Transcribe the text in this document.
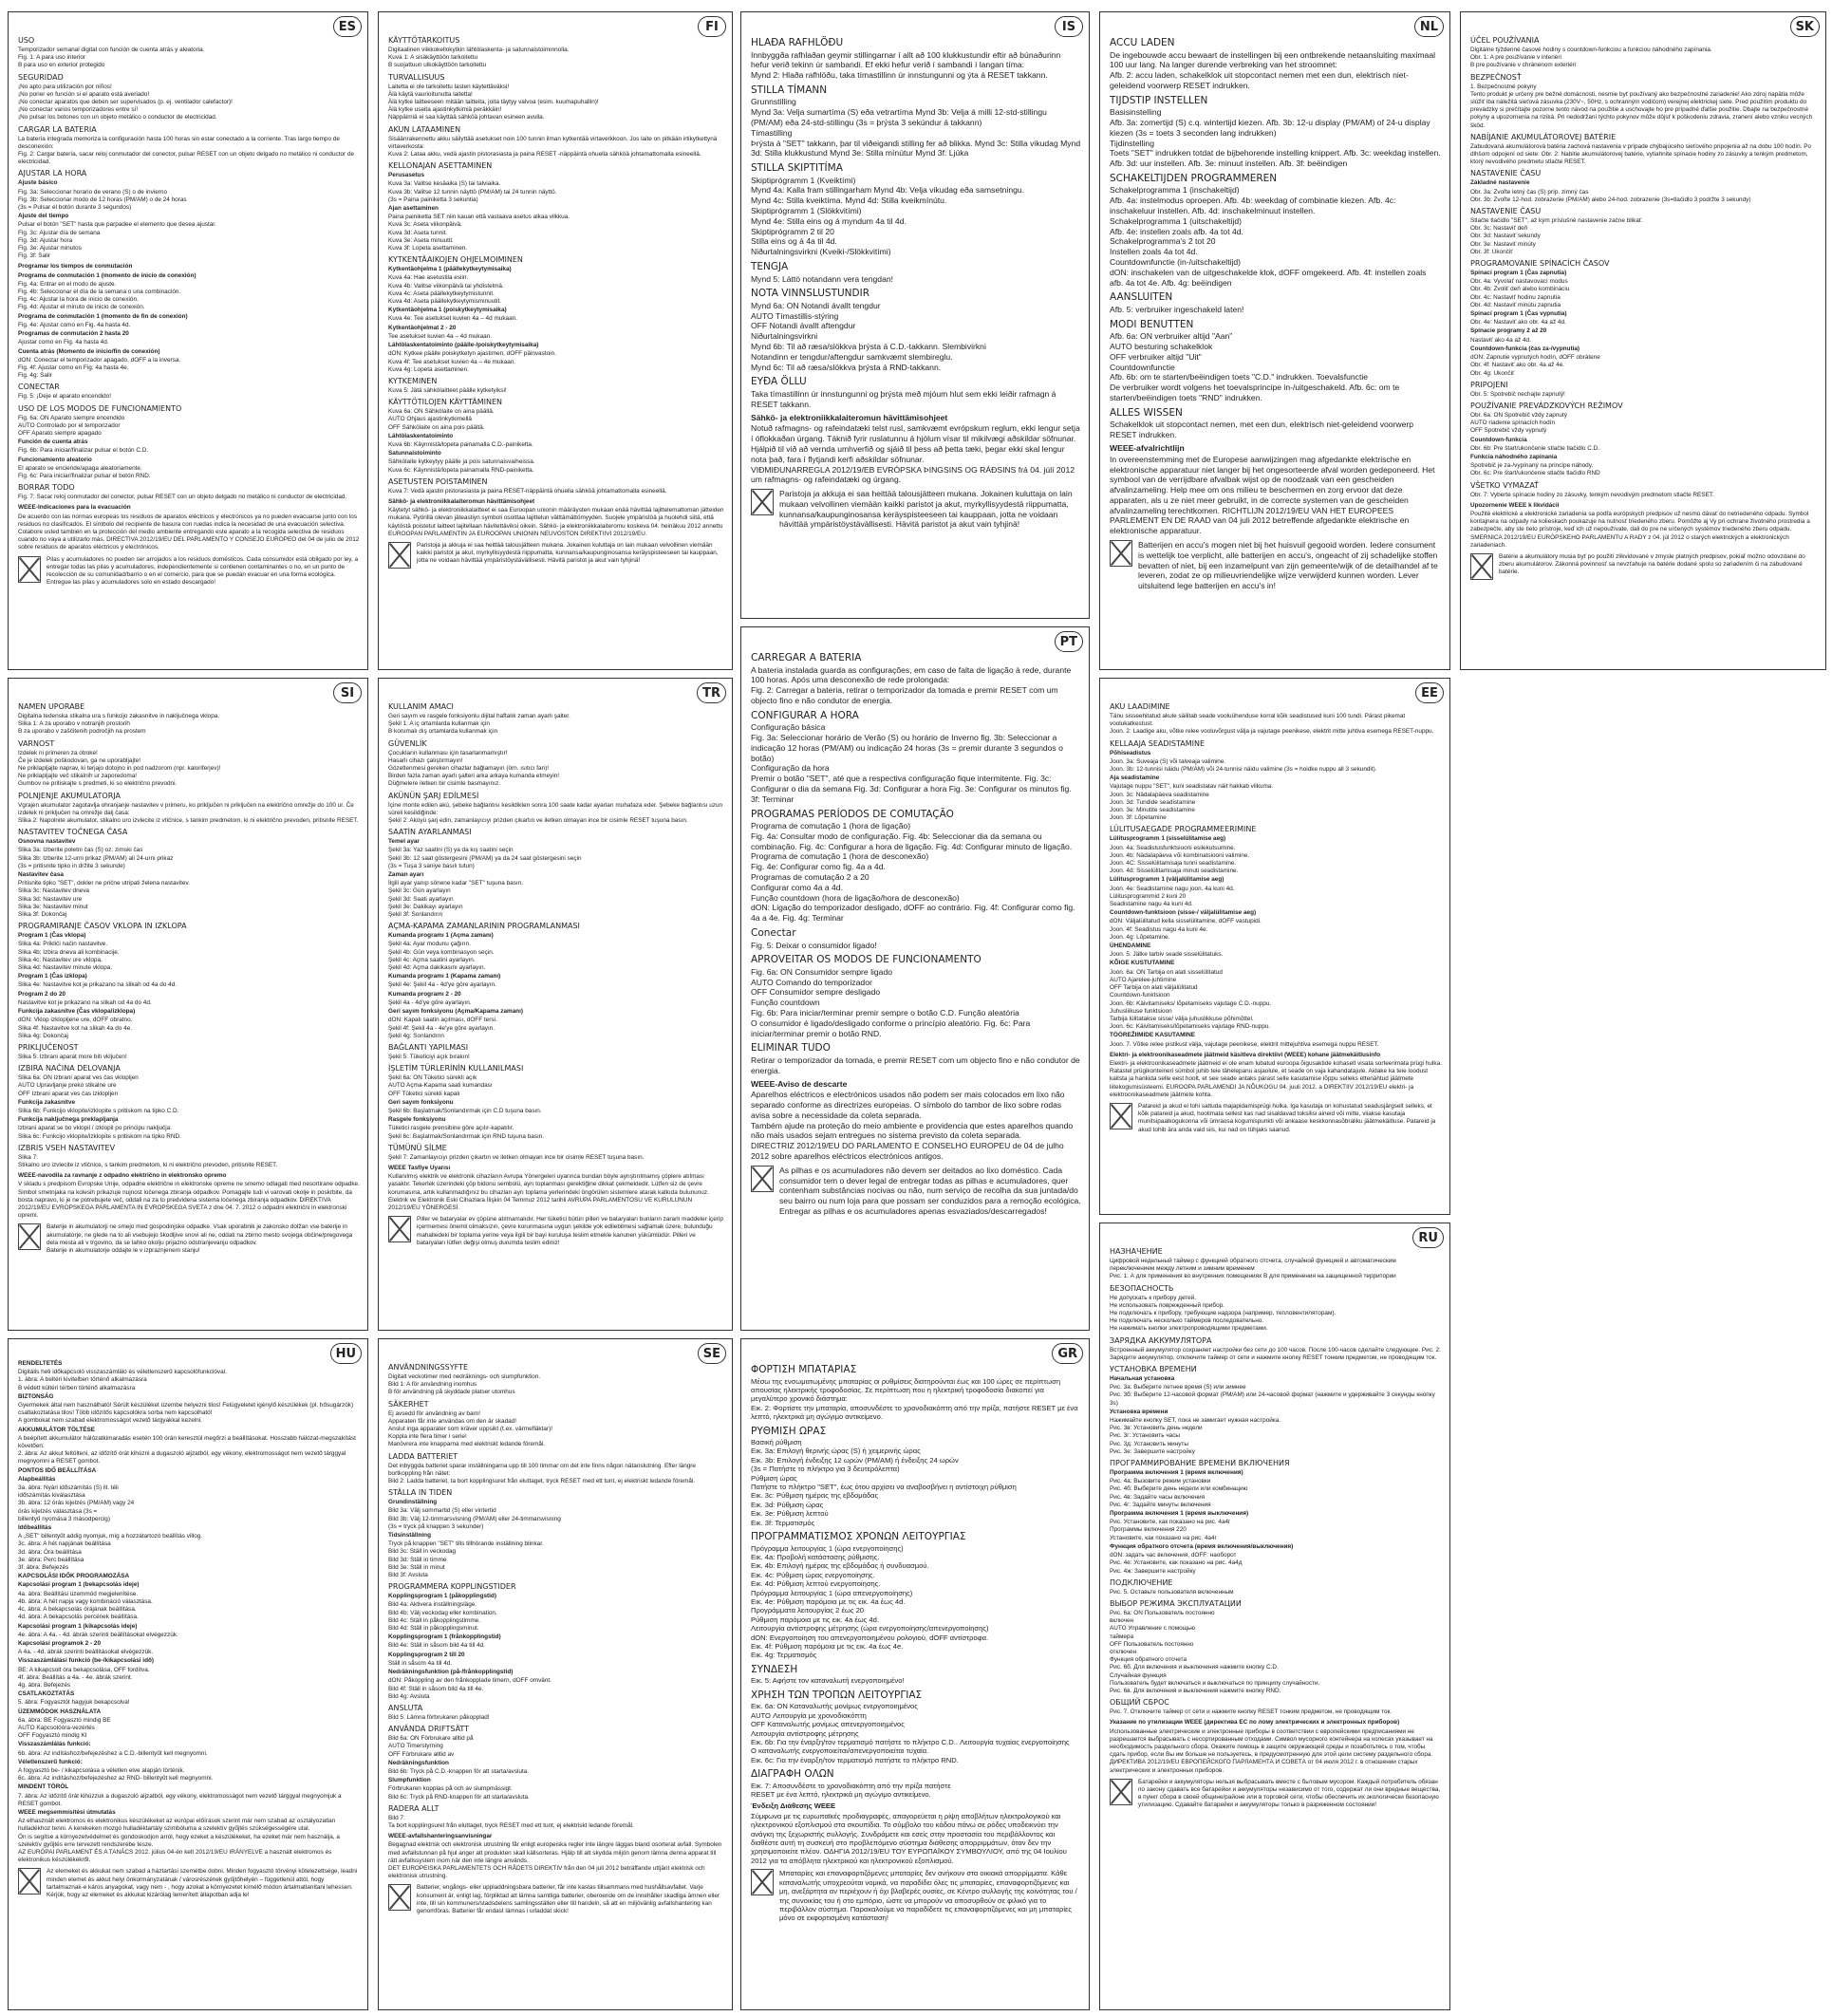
ES
USO

Temporizador semanal digital con función de cuenta atrás y aleatoria.
Fig. 1: A para uso interior
B para uso en exterior protegido

SEGURIDAD

¡No apto para utilización por niños!
¡No poner en función si el aparato está averiado!
¡No conectar aparatos que deben ser supervisados (p. ej. ventilador calefactor)!
¡No conectar varios temporizadores entre sí!
¡No pulsar los botones con un objeto metálico o conductor de electricidad.

CARGAR LA BATERIA

La batería integrada memoriza la configuración hasta 100 horas sin estar conectado a la corriente. Tras largo tiempo de desconexión:
Fig. 2: Cargar batería, sacar reloj conmutador del conector, pulsar RESET con un objeto delgado no metálico ni conductor de electricidad.

AJUSTAR LA HORA

Ajuste básico

Fig. 3a: Seleccionar horario de verano (S) o de invierno
Fig. 3b: Seleccionar modo de 12 horas (PM/AM) o de 24 horas
(3s = Pulsar el botón durante 3 segundos)

Ajuste del tiempo

Pulsar el botón "SET" hasta que parpadee el elemento que desea ajustar.
Fig. 3c: Ajustar día de semana
Fig. 3d: Ajustar hora
Fig. 3e: Ajustar minutos
Fig. 3f: Salir

Programar los tiempos de conmutación

Programa de conmutación 1 (momento de inicio de conexión)

Fig. 4a: Entrar en el modo de ajuste.
Fig. 4b: Seleccionar el día de la semana o una combinación.
Fig. 4c: Ajustar la hora de inicio de conexión.
Fig. 4d: Ajustar el minuto de inicio de conexión.

Programa de conmutación 1 (momento de fin de conexión)

Fig. 4e: Ajustar como en Fig. 4a hasta 4d.

Programas de conmutación 2 hasta 20

Ajustar como en Fig. 4a hasta 4d.

Cuenta atrás (Momento de inicio/fin de conexión)

dON: Conectar el temporizador apagado, dOFF a la inversa.
Fig. 4f: Ajustar como en Fig. 4a hasta 4e.
Fig. 4g: Salir

CONECTAR

Fig. 5: ¡Deje el aparato encendido!

USO DE LOS MODOS DE FUNCIONAMIENTO

Fig. 6a: ON Aparato siempre encendido
AUTO Controlado por el temporizador
OFF Aparato siempre apagado

Función de cuenta atrás

Fig. 6b: Para iniciar/finalizar pulsar el botón C.D.

Funcionamiento aleatorio

El aparato se enciende/apaga aleatoriamente.
Fig. 6c: Para iniciar/finalizar pulsar el botón RND.

BORRAR TODO

Fig. 7: Sacar reloj conmutador del conector, pulsar RESET con un objeto delgado no metálico ni conductor de electricidad.

WEEE-Indicaciones para la evacuación

De acuerdo con las normas europeas los residuos de aparatos eléctricos y electrónicos ya no pueden evacuarse junto con los residuos no clasificados. El símbolo del recipiente de basura con ruedas indica la necesidad de una evacuación selectiva. Colabore usted también en la protección del medio ambiente entregando este aparato a la recogida selectiva de residuos cuando no vaya a utilizarlo más. DIRECTIVA 2012/19/EU DEL PARLAMENTO Y CONSEJO EUROPEO del 04 de julio de 2012 sobre residuos de aparatos eléctricos y electrónicos.

Pilas y acumuladores no pueden ser arrojados a los residuos domésticos. Cada consumidor está obligado por ley, a entregar todas las pilas y acumuladores, independientemente si contienen contaminantes o no, en un punto de recolección de su comunidad/barrio o en el comercio, para que se puedan evacuar en una forma ecológica. Entregue las pilas y acumuladores solo en estado descargado!

FI
KÄYTTÖTARKOITUS

Digitaalinen viikkokellokytkin lähtölaskenta- ja satunnaistoiminnolla.
Kuva 1: A sisäkäyttöön tarkoitettu
B suojattuun ulkokäyttöön tarkoitettu

TURVALLISUUS

Laitetta ei ole tarkoitettu lasten käytettäväksi!
Älä käytä vaurioitunutta laitetta!
Älä kytke laitteeseen mitään laitteita, joita täytyy valvoa (esim. kuumapuhallin)!
Älä kytke useita ajastinkytkimiä peräkkäin!
Näppäimiä ei saa käyttää sähköä johtavan esineen avulla.

AKUN LATAAMINEN

Sisäänrakennettu akku säilyttää asetukset noin 100 tunnin ilman kytkentää virtaverkkoon. Jos laite on pitkään irtikytkettynä virtaverkosta:
Kuva 2: Lataa akku, vedä ajastin pistorasiasta ja paina RESET -näppäintä ohuella sähköä johtamattomalla esineellä.

KELLONAJAN ASETTAMINEN

Perusasetus

Kuva 3a: Valitse kesäaika (S) tai talviaika.
Kuva 3b: Valitse 12 tunnin näyttö (PM/AM) tai 24 tunnin näyttö.
(3s = Paina painiketta 3 sekuntia)

Ajan asettaminen

Paina painiketta SET niin kauan että vastaava asetus alkaa vilkkua.
Kuva 3c: Aseta viikonpäivä.
Kuva 3d: Aseta tunnit.
Kuva 3e: Aseta minuutit.
Kuva 3f: Lopeta asettaminen.

KYTKENTÄAIKOJEN OHJELMOIMINEN

Kytkentäohjelma 1 (päällekytkeytymisaika)

Kuva 4a: Hae asetustila esiin.
Kuva 4b: Valitse viikonpäivä tai yhdistelmä.
Kuva 4c: Aseta päällekytkeytymistunnit.
Kuva 4d: Aseta päällekytkeytymisminuutit.

Kytkentäohjelma 1 (poiskytkeytymisaika)

Kuva 4e: Tee asetukset kuvien 4a – 4d mukaan.

Kytkentäohjelmat 2 - 20

Tee asetukset kuvien 4a – 4d mukaan.

Lähtölaskentatoiminto (päälle-/poiskytkeytymisaika)

dON: Kytkee päälle poiskytketyn ajastimen, dOFF päinvastoin.
Kuva 4f: Tee asetukset kuvien 4a – 4e mukaan.
Kuva 4g: Lopeta asettaminen.

KYTKEMINEN

Kuva 5: Jätä sähkölaitteet päälle kytketyiksi!

KÄYTTÖTILOJEN KÄYTTÄMINEN

Kuva 6a: ON Sähkölaite on aina päällä.
AUTO Ohjaus ajastinkytkimellä
OFF Sähkölaite on aina pois päältä.

Lähtölaskentatoiminto

Kuva 6b: Käynnistä/lopeta painamalla C.D.-painiketta.

Satunnaistoiminto

Sähkölaite kytkeytyy päälle ja pois satunnaisvaiheissa.
Kuva 6c: Käynnistä/lopeta painamalla RND-painiketta.

ASETUSTEN POISTAMINEN

Kuva 7: Vedä ajastin pistorasiasta ja paina RESET-näppäintä ohuella sähköä johtamattomalla esineellä.

Sähkö- ja elektroniikkalaiteromun hävittämisohjeet

Käytetyt sähkö- ja elektroniikkalaitteet ei saa Euroopan unionin määräysten mukaan enää hävittää lajittelemattoman jätteiden mukana. Pyörillä olevan jäteastiyn symboli osoittaa lajittelun välttämättömyyden. Suojele ympäristöä ja huolehdi siitä, että käytöstä poistetut laitteet lajitellaan hävitettäviksi oikein. Sähkö- ja elektroniikkalaiteromu koskeva 04. heinäkuu 2012 annettu EUROOPAN PARLAMENTIN JA EUROOPAN UNIONIN NEUVOSTON DIREKTIIVI 2012/19/EU.

Paristoja ja akkuja ei saa heittää talousjätteen mukana. Jokainen kuluttaja on lain mukaan velvollinen viemään kaikki paristot ja akut, myrkyllisyydestä riippumatta, kunnansa/kaupunginosansa keräyspisteeseen tai kauppaan, jotta ne voidaan hävittää ympäristöystävällisesti. Hävitä paristot ja akut vain tyhjinä!

IS
HLAÐA RAFHLÖÐU

Innbyggða rafhlaðan geymir stillingarnar í allt að 100 klukkustundir eftir að búnaðurinn hefur verið tekinn úr sambandi. Ef ekki hefur verið í sambandi í langan tíma:
Mynd 2: Hlaða rafhlöðu, taka tímastillinn úr innstungunni og ýta á RESET takkann.

STILLA TÍMANN

Grunnstilling
Mynd 3a: Velja sumartíma (S) eða vetrartíma Mynd 3b: Velja á milli 12-std-stillingu (PM/AM) eða 24-std-stillingu (3s = þrýsta 3 sekúndur á takkann)
Tímastilling
Þrýsta á "SET" takkann, þar til viðeigandi stilling fer að blikka. Mynd 3c: Stilla vikudag Mynd 3d: Stilla klukkustund Mynd 3e: Stilla mínútur Mynd 3f: Ljúka

STILLA SKIPTITÍMA

Skiptiprógramm 1 (Kveiktími)
Mynd 4a: Kalla fram stillingarham Mynd 4b: Velja vikudag eða samsetningu.
Mynd 4c: Stilla kveiktíma. Mynd 4d: Stilla kveikmínútu.
Skiptiprógramm 1 (Slökkvitími)
Mynd 4e: Stilla eins og á myndum 4a til 4d.
Skiptiprógramm 2 til 20
Stilla eins og á 4a til 4d.
Niðurtalningsvirkni (Kveiki-/Slökkvitími)

TENGJA

Mynd 5: Láttö notandann vera tengdan!

NOTA VINNSLUSTUNDIR

Mynd 6a: ON Notandi ávallt tengdur
AUTO Tímastillis-stýring
OFF Notandi ávallt aftengdur
Niðurtalningsvirkni
Mynd 6b: Til að ræsa/slökkva þrýsta á C.D.-takkann. Slembivirkni
Notandinn er tengdur/aftengdur samkvæmt slembireglu.
Mynd 6c: Til að ræsa/slökkva þrýsta á RND-takkann.

EYÐA ÖLLU

Taka tímastillinn úr innstungunni og þrýsta með mjóum hlut sem ekki leiðir rafmagn á RESET takkann.

Sähkö- ja elektroniikkalaiteromun hävittämisohjeet

Notuð rafmagns- og rafeindatæki telst rusl, samkvæmt evrópskum reglum, ekki lengur setja í óflokkaðan úrgang. Táknið fyrir ruslatunnu á hjólum vísar til mikilvægi aðskildar söfnunar. Hjálpið til við að vernda umhverfið og sjáið til þess að þetta tæki, þegar ekki skal lengur nota það, fara í flytjandi kerfi aðskildar söfnunar.
VIÐMIÐUNARREGLA 2012/19/EB EVRÓPSKA ÞINGSINS OG RÁÐSINS frá 04. júlí 2012 um rafmagns- og rafeindatæki og úrgang.

Paristoja ja akkuja ei saa heittää talousjätteen mukana. Jokainen kuluttaja on lain mukaan velvollinen viemään kaikki paristot ja akut, myrkyllisyydestä riippumatta, kunnansa/kaupunginosansa keräyspisteeseen tai kauppaan, jotta ne voidaan hävittää ympäristöystävällisesti. Hävitä paristot ja akut vain tyhjinä!

NL
ACCU LADEN

De ingebouwde accu bewaart de instellingen bij een ontbrekende netaansluiting maximaal 100 uur lang. Na langer durende verbreking van het stroomnet:
Afb. 2: accu laden, schakelklok uit stopcontact nemen met een dun, elektrisch niet-geleidend voorwerp RESET indrukken.

TIJDSTIP INSTELLEN

Basisinstelling
Afb. 3a: zomertijd (S) c.q. wintertijd kiezen. Afb. 3b: 12-u display (PM/AM) of 24-u display kiezen (3s = toets 3 seconden lang indrukken)
Tijdinstelling
Toets "SET" indrukken totdat de bijbehorende instelling knippert. Afb. 3c: weekdag instellen. Afb. 3d: uur instellen. Afb. 3e: minuut instellen. Afb. 3f: beëindigen

SCHAKELTIJDEN PROGRAMMEREN

Schakelprogramma 1 (inschakeltijd)
Afb. 4a: instelmodus oproepen. Afb. 4b: weekdag of combinatie kiezen. Afb. 4c: inschakeluur instellen. Afb. 4d: inschakelminuut instellen.
Schakelprogramma 1 (uitschakeltijd)
Afb. 4e: instellen zoals afb. 4a tot 4d.
Schakelprogramma's 2 tot 20
Instellen zoals 4a tot 4d.
Countdownfunctie (in-/uitschakeltijd)
dON: inschakelen van de uitgeschakelde klok, dOFF omgekeerd. Afb. 4f: instellen zoals afb. 4a tot 4e. Afb. 4g: beëindigen

AANSLUITEN

Afb. 5: verbruiker ingeschakeld laten!

MODI BENUTTEN

Afb. 6a: ON verbruiker altijd "Aan"
AUTO besturing schakelklok
OFF verbruiker altijd "Uit"
Countdownfunctie
Afb. 6b: om te starten/beëindigen toets "C.D." indrukken. Toevalsfunctie
De verbruiker wordt volgens het toevalsprincipe in-/uitgeschakeld. Afb. 6c: om te starten/beëindigen toets "RND" indrukken.

ALLES WISSEN

Schakelklok uit stopcontact nemen, met een dun, elektrisch niet-geleidend voorwerp RESET indrukken.

WEEE-afvalrichtlijn

In overeenstemming met de Europese aanwijzingen mag afgedankte elektrische en elektronische apparatuur niet langer bij het ongesorteerde afval worden gedeponeerd. Het symbool van de verrijdbare afvalbak wijst op de noodzaak van een gescheiden afvalinzameling. Help mee om ons milieu te beschermen en zorg ervoor dat deze apparaten, als u ze niet meer gebruikt, in de correcte systemen van de gescheiden afvalinzameling terechtkomen. RICHTLIJN 2012/19/EU VAN HET EUROPEES PARLEMENT EN DE RAAD van 04 juli 2012 betreffende afgedankte elektrische en elektronische apparatuur.

Batterijen en accu's mogen niet bij het huisvuil gegooid worden. Iedere consument is wettelijk toe verplicht, alle batterijen en accu's, ongeacht of zij schadelijke stoffen bevatten of niet, bij een inzamelpunt van zijn gemeente/wijk of de detailhandel af te leveren, zodat ze op milieuvriendelijke wijze verwijderd kunnen worden. Lever uitsluitend lege batterijen en accu's in!

SK
ÚČEL POUŽÍVANIA

Digitálne týždenné časové hodiny s countdown-funkciou a funkciou náhodného zapínania.
Obr. 1: A pre používanie v interiéri
B pre používanie v chránenom exteriéri

BEZPEČNOSŤ

1. Bezpečnostné pokyny
Tento produkt je určený pre bežné domácnosti, nesmie byť používaný ako bezpečnostné zariadenie! Ako zdroj napätia môže slúžiť iba náležitá sieťová zásuvka (230V~, 50Hz, s ochranným vodičom) verejnej elektrickej siete. Pred použitím produktu do prevádzky si prečítajte pozorne tento návod na použitie a uschovajte ho pre prípadné ďalšie použitie. Dbajte na bezpečnostné pokyny a upozornenia na riziká. Pri nedodržaní týchto pokynov môže dôjsť k poškodeniu zdravia, zranení alebo vzniku vecných škôd.

NABÍJANIE AKUMULÁTOROVEJ BATÉRIE

Zabudovaná akumulátorová batéria zachová nastavenia v prípade chýbajúceho sieťového pripojenia až na dobu 100 hodín. Po dlhšom odpojení od siete: Obr. 2: Nabitie akumulátorovej batérie, vytiahnite spínacie hodiny zo zásuvky a tenkým predmetom, ktorý nevodivého predmetu stlačte RESET.

NASTAVENIE ČASU

Základné nastavenie

Obr. 3a: Zvoľte letný čas (S) príp. zimný čas
Obr. 3b: Zvoľte 12-hod. zobrazenie (PM/AM) alebo 24-hod. zobrazenie (3s=tlačidlo 3 podržte 3 sekundy)

NASTAVENIE ČASU

Stlačte tlačidlo "SET", až kým príslušné nastavenie začne blikať.
Obr. 3c: Nastaviť deň
Obr. 3d: Nastaviť sekundy
Obr. 3e: Nastaviť minúty
Obr. 3f: Ukončiť

PROGRAMOVANIE SPÍNACÍCH ČASOV

Spínací program 1 (Čas zapnutia)

Obr. 4a: Vyvolať nastavovací modus
Obr. 4b: Zvoliť deň alebo kombináciu
Obr. 4c: Nastaviť hodinu zapnutia
Obr. 4d: Nastaviť minútu zapnutia

Spínací program 1 (Čas vypnutia)

Obr. 4e: Nastaviť ako obr. 4a až 4d.

Spínacie programy 2 až 20

Nastaviť ako 4a až 4d.

Countdown-funkcia (čas za-/vypnutia)

dON: Zapnutie vypnutých hodín, dOFF obrátene
Obr. 4f: Nastaviť ako obr. 4a až 4e.
Obr. 4g: Ukončiť

PRIPOJENI

Obr. 5: Spotrebič nechajte zapnutý!

POUŽÍVANIE PREVÁDZKOVÝCH REŽIMOV

Obr. 6a: ON Spotrebič vždy zapnutý
AUTO riadenie spínacích hodín
OFF Spotrebič vždy vypnutý

Countdown-funkcia

Obr. 6b: Pre štart/ukončenie stlačte tlačidlo C.D.

Funkcia náhodného zapínania

Spotrebič je za-/vypínaný na princípe náhody.
Obr. 6c: Pre štart/ukončenie stlačte tlačidlo RND

VŠETKO VYMAZAŤ

Obr. 7: Vyberte spínacie hodiny zo zásuvky, tenkým nevodivým predmetom stlačte RESET.

Upozornenie WEEE k likvidácii

Použité elektrické a elektronické zariadenia sa podľa európskych predpisov už nesmú dávať do netriedeného odpadu. Symbol kontajnera na odpady na kolieskach poukazuje na nutnosť triedeného zberu. Pomôžte aj Vy pri ochrane životného prostredia a zabezpečte, aby ste tieto prístroje, keď ich už nepoužívate, dali do pre ne určených systémov triedeného zberu odpadu. SMERNICA 2012/19/EU EURÓPSKEHO PARLAMENTU A RADY z 04. júl 2012 o starých elektrických a elektronických zariadeniach.

Batérie a akumulátory musia byť po použití zlikvidované v zmysle platných predpisov, pokiaľ možno odovzdané do zberu akumulátorov. Zákonná povinnosť sa nevzťahuje na batérie dodané spolu so zariadením či na zabudované batérie.

SI
NAMEN UPORABE

Digitalna tedenska stikalna ura s funkcijo zakasnitve in naključnega vklopa.
Slika 1: A za uporabo v notranjih prostorih
B za uporabo v zaščitenih področjih na prostem

VARNOST

Izdelek ni primeren za otroke!
Če je izdelek poškodovan, ga ne uporabljajte!
Ne priklapljajte naprav, ki terjajo dotojno in pod nadzorom (npr. kaloriferjev)!
Ne priklapljajte več stikalnih ur zaporedoma!
Gumbov ne pritiskajte s predmeti, ki so električno prevodni.

POLNJENJE AKUMULATORJA

Vgrajen akumulator zagotavlja ohranjanje nastavitev v primeru, ko priključen ni priključen na električno omrežje do 100 ur. Če izdelek ni priključen na omrežje dalj časa:
Slika 2: Napolnite akumulator, stikalno uro izvlecite iz vtičnice, s tankim predmetom, ki ni električno prevoden, pritisnite RESET.

NASTAVITEV TOČNEGA ČASA

Osnovna nastavitev

Slika 3a: Izberite poletni čas (S) oz. zimski čas
Slika 3b: Izberite 12-urni prikaz (PM/AM) ali 24-urni prikaz
(3s = pritisnite tipko in držite 3 sekunde)

Nastavitev časa

Pritisnite tipko "SET", dokler ne prične utripati želena nastavitev.
Slika 3c: Nastavitev dneva
Slika 3d: Nastavitev ure
Slika 3e: Nastavitev minut
Slika 3f: Dokončaj

PROGRAMIRANJE ČASOV VKLOPA IN IZKLOPA

Program 1 (Čas vklopa)

Slika 4a: Prikliči način nastavitve.
Slika 4b: Izbira dneva ali kombinacije.
Slika 4c: Nastavitev ure vklopa.
Slika 4d: Nastavitev minute vklopa.

Program 1 (Čas izklopa)

Slika 4e: Nastavitve kot je prikazano na slikah od 4a do 4d.

Program 2 do 20

Nastavitve kot je prikazano na slikah od 4a do 4d.

Funkcija zakasnitve (Čas vklopa/izklopa)

dON: Vklop izklopljene ure, dOFF obratno.
Slika 4f: Nastavitve kot na slikah 4a do 4e.
Slika 4g: Dokončaj

PRIKLJUČENOST

Slika 5: Izbrani aparat more biti vključen!

IZBIRA NAČINA DELOVANJA

Slika 6a: ON Izbrani aparat ves čas vklopljen
AUTO Upravljanje preko stikalne ure
OFF Izbrani aparat ves čas izklopljen

Funkcija zakasnitve

Slika 6b: Funkcijo vklopite/izklopite s pritiskom na tipko C.D.

Funkcija naključnega preklapljanja

Izbrani aparat se bo vklopil / izklopil po principu naključja.
Slika 6c: Funkcijo vklopite/izklopite s pritiskom na tipko RND.

IZBRIS VSEH NASTAVITEV

Slika 7:
Stikalno uro izvlecite iz vtičnice, s tankim predmetom, ki ni električno prevoden, pritisnite RESET.

WEEE-navodila za ravnanje z odpadno električno in elektronsko opremo

V skladu s predpisom Evropske Unije, odpadne električne in elektronske opreme ne smemo odlagati med nesortirane odpadke. Simbol smetnjaka na kolesih prikazuje nujnost ločenega zbiranja odpadkov. Pomagajte tudi vi varovati okolje in poskrbite, da bosta napravo, ki je ne potrebujete več, oddali na za to predvidena sistema ločenega zbiranja odpadkov. DIREKTIVA 2012/19/EU EVROPSKEGA PARLAMENTA IN EVROPSKEGA SVETA z dne 04. 7. 2012 o odpadni električni in elektronski opremi.

Baterije in akumulatorji ne smejo med gospodinjske odpadke. Vsak uporabnik je zakonsko dolžan vse baterije in akumulatorje, ne glede na to ali vsebujejo škodljive snovi ali ne, oddati na zbirno mesto svojega občine/pregovega dela mesta ali v trgovino, da se lahko okolju prijazno odstranjevanju odpadkov.
Baterije in akumulatorje oddajte le v izpraznjenem stanju!

TR
KULLANIM AMACI

Geri sayım ve rasgele fonksiyonlu dijital haftalık zaman ayarlı şalter.
Şekil 1: A iç ortamlarda kullanmak için
B korumalı dış ortamlarda kullanmak için

GÜVENLİK

Çocukların kullanması için tasarlanmamıştır!
Hasarlı cihazı çalıştırmayın!
Gözetlenmesi gereken cihazlar bağlamayın (örn. ısıtıcı fan)!
Birden fazla zaman ayarlı şalteri arka arkaya kumanda etmeyin!
Düğmelere iletken bir cisimle basmayınız.

AKÜNÜN ŞARJ EDİLMESİ

İçine monte edilen akü, şebeke bağlantısı kesildikten sonra 100 saate kadar ayarları muhafaza eder. Şebeke bağlantısı uzun süreli kesildiğinde:
Şekil 2: Aküyü şarj edin, zamanlayıcıyı prizden çıkartın ve iletken olmayan ince bir cisimle RESET tuşuna basın.

SAATİN AYARLANMASI

Temel ayar

Şekil 3a: Yaz saatini (S) ya da kış saatini seçin
Şekil 3b: 12 saat göstergesini (PM/AM) ya da 24 saat göstergesini seçin
(3s = Tuşa 3 saniye basılı tutun)

Zaman ayarı

İlgili ayar yanıp sönene kadar "SET" tuşuna basın.
Şekil 3c: Gün ayarlayın
Şekil 3d: Saati ayarlayın
Şekil 3e: Dakikayı ayarlayın
Şekil 3f: Sonlandırın

AÇMA-KAPAMA ZAMANLARININ PROGRAMLANMASI

Kumanda programı 1 (Açma zamanı)

Şekil 4a: Ayar modunu çağırın.
Şekil 4b: Gün veya kombinasyon seçin.
Şekil 4c: Açma saatini ayarlayın.
Şekil 4d: Açma dakikasını ayarlayın.

Kumanda programı 1 (Kapama zamanı)

Şekil 4e: Şekil 4a - 4d'ye göre ayarlayın.

Kumanda programı 2 - 20

Şekil 4a - 4d'ye göre ayarlayın.

Geri sayım fonksiyonu (Açma/Kapama zamanı)

dON: Kapalı saatin açılması, dOFF tersi.
Şekil 4f: Şekil 4a - 4e'ye göre ayarlayın.
Şekil 4g: Sonlandırın

BAĞLANTI YAPILMASI

Şekil 5: Tüketiciyi açık bırakın!

İŞLETİM TÜRLERİNİN KULLANILMASI

Şekil 6a: ON Tüketici sürekli açık
AUTO Açma-Kapama saati kumandası
OFF Tüketici sürekli kapalı

Geri sayım fonksiyonu

Şekil 6b: Başlatmak/Sonlandırmak için C.D tuşuna basın.

Rasgele fonksiyonu

Tüketici rasgele prensibine göre açılır-kapatılır.
Şekil 6c: Başlatmak/Sonlandırmak için RND tuşuna basın.

TÜMÜNÜ SİLME

Şekil 7: Zamanlayıcıyı prizden çıkartın ve iletken olmayan ince bir cisimle RESET tuşuna basın.

WEEE Tasfiye Uyarısı

Kullanılmış elektrik ve elektronik cihazların Avrupa Yönergeleri uyarınca bundan böyle ayrıştırılmamış çöplere atılması yasaktır. Tekerlek üzerindeki çöp bidonu sembolü, ayrı toplanması gerektiğine dikkat çekmektedir. Lütfen siz de çevre korumasına, artık kullanmadığınız bu cihazları ayrı toplama yerlerindeki öngörülen sistemlere atarak katkıda bulununuz.
Elektrik ve Elektronik Eski Cihazlara İlişkin 04 Temmuz 2012 tarihli AVRUPA PARLAMENTOSU VE KURULUNUN 2012/19/EU YÖNERGESİ.

Piller ve bataryalar ev çöpüne atılmamalıdır. Her tüketici bütün pilleri ve bataryaları bunların zararlı maddeler içerip içermemesi önemli olmaksızın, çevre korunmasına uygun şekilde yok edilebilmesi sağlamak üzere, bulunduğu mahalledeki bir toplama yerine veya ilgili bir bayi kuruluşa teslim etmekle kanunen yükümlüdür. Pilleri ve bataryaları lütfen değişi olmuş durumda teslim ediniz!

PT
CARREGAR A BATERIA

A bateria instalada guarda as configurações, em caso de falta de ligação à rede, durante 100 horas. Após uma desconexão de rede prolongada:
Fig. 2: Carregar a bateria, retirar o temporizador da tomada e premir RESET com um objecto fino e não condutor de energia.

CONFIGURAR A HORA

Configuração básica
Fig. 3a: Seleccionar horário de Verão (S) ou horário de Inverno fig. 3b: Seleccionar a indicação 12 horas (PM/AM) ou indicação 24 horas (3s = premir durante 3 segundos o botão)
Configuração da hora
Premir o botão "SET", até que a respectiva configuração fique intermitente. Fig. 3c: Configurar o dia da semana Fig. 3d: Configurar a hora Fig. 3e: Configurar os minutos fig. 3f: Terminar

PROGRAMAS PERÍODOS DE COMUTAÇÃO

Programa de comutação 1 (hora de ligação)
Fig. 4a: Consultar modo de configuração. Fig. 4b: Seleccionar dia da semana ou combinação. Fig. 4c: Configurar a hora de ligação. Fig. 4d: Configurar minuto de ligação.
Programa de comutação 1 (hora de desconexão)
Fig. 4e: Configurar como fig. 4a a 4d.
Programas de comutação 2 a 20
Configurar como 4a a 4d.
Função countdown (hora de ligação/hora de desconexão)
dON: Ligação do temporizador desligado, dOFF ao contrário. Fig. 4f: Configurar como fig. 4a a 4e. Fig. 4g: Terminar

Conectar

Fig. 5: Deixar o consumidor ligado!

APROVEITAR OS MODOS DE FUNCIONAMENTO

Fig. 6a: ON Consumidor sempre ligado
AUTO Comando do temporizador
OFF Consumidor sempre desligado
Função countdown
Fig. 6b: Para iniciar/terminar premir sempre o botão C.D. Função aleatória
O consumidor é ligado/desligado conforme o princípio aleatório. Fig. 6c: Para iniciar/terminar premir o botão RND.

ELIMINAR TUDO

Retirar o temporizador da tomada, e premir RESET com um objecto fino e não condutor de energia.

WEEE-Aviso de descarte

Aparelhos eléctricos e electrónicos usados não podem ser mais colocados em lixo não separado conforme as directrizes europeias. O símbolo do tambor de lixo sobre rodas avisa sobre a necessidade da coleta separada.
Também ajude na proteção do meio ambiente e providencia que estes aparelhos quando não mais usados sejam entregues no sistema previsto da coleta separada.
DIRECTRIZ 2012/19/EU DO PARLAMENTO E CONSELHO EUROPEU de 04 de julho 2012 sobre aparelhos eléctricos electrónicos antigos.

As pilhas e os acumuladores não devem ser deitados ao lixo doméstico. Cada consumidor tem o dever legal de entregar todas as pilhas e acumuladores, quer contenham substâncias nocivas ou não, num serviço de recolha da sua juntada/do seu bairro ou num loja para que possam ser conduzidos para a remoção ecológica. Entregar as pilhas e os acumuladores apenas esvaziados/descarregados!

EE
AKU LAADIMINE

Tänu sisseehitatud akule säilitab seade vooluühenduse korral kõik seadistused kuni 100 tundi. Pärast pikemat voolukatkestust:
Joon. 2: Laadige aku, võtke relee vooluvõrgust välja ja vajutage peenikese, elektrit mitte juhtiva esemega RESET-nuppu.

KELLAAJA SEADISTAMINE

Põhiseadistus

Joon. 3a: Suveaja (S) või talveaja valimine.
Joon. 3b: 12-tunnisi näidu (PM/AM) või 24-tunnisi näidu valimine (3s = hoidke nuppu all 3 sekundit).

Aja seadistamine

Vajutage nuppu "SET", kuni seadistatav näit hakkab vilkuma.
Joon. 3c: Nädalapäeva seadistamine
Joon. 3d: Tundide seadistamine
Joon. 3e: Minutite seadistamine
Joon. 3f: Lõpetamine

LÜLITUSAEGADE PROGRAMMEERIMINE

Lülitusprogramm 1 (sisselülitamise aeg)

Joon. 4a: Seadistusfunktsiooni esilekutsumine.
Joon. 4b: Nädalapäeva või kombinatsiooni valimine.
Joon. 4C: Sisselülitamisaja tunni seadistamine.
Joon. 4d: Sisselülitamisaja minuti seadistamine.

Lülitusprogramm 1 (väljalülitamise aeg)

Joon. 4e: Seadistamine nagu joon. 4a kuni 4d.
Lülitusprogrammid 2 kuni 20
Seadistamine nagu 4a kuni 4d.

Countdown-funktsioon (sisse-/ väljalülitamise aeg)

dON: Väljalülitatud kella sisselülitamine, dOFF vastupidi.
Joon. 4f: Seadistus nagu 4a kuni 4e.
Joon. 4g: Lõpetamine.

ÜHENDAMINE

Joon. 5: Jätke tarbiv seade sisselülitatuks.

KÕIGE KUSTUTAMINE

Joon. 6a: ON Tarbija on alati sisselülitatud
AUTO Ajarelee-juhtimine
OFF Tarbija on alati väljalülitatud
Countdown-funktsioon
Joon. 6b: Käivitamiseks/ lõpetamiseks vajutage C.D.-nuppu.
Juhusliikuse funktsioon
Tarbija lülitatakse sisse/ välja juhuslikkuse põhimõttel.
Joon. 6c: Käivitamiseks/lõpetamiseks vajutage RND-nuppu.

TÖÖREŽIIMIDE KASUTAMINE

Joon. 7. Võtke relee pistikust välja, vajutage peenikese, elektrit mittejuhtiva esemega nuppu RESET.

Elektri- ja elektroonikaseadmete jäätmeid käsitleva direktiivi (WEEE) kohane jäätmekäitlusinfo

Elektri- ja elektroonikaseadmete jäätmeid ei ole enam lubatud euroopa õigusaktide kohaselt visata sorteerimata prügi hulka. Ratastel prügikonteineri sümbol juhib teie tähelepanu asjaolule, et seade on vaja kahandatajule. Aidake ka teie loodust kaitsta ja hankida selle eest hoolt, et see seade antaks pärast selle kasutamise lõppu selleks ettenähtud jäätmete liitekogumisüsteemi. EUROOPA PARLAMENDI JA NÕUKOGU 04. juuli 2012. a DIREKTIIV 2012/19/EU elektri- ja elektroonikaseadmete jäätmete kohta.

Patareid ja akud ei tohi sattuda majapidamisprügi hulka. Iga kasutaja on kohustatud seadusjärgselt selleks, et kõik patareid ja akud, hoolimata sellest kas nad sisaldavad toksilisi aineid või mitte, viiakse kasutaja munitsipaalkogukonna või ümraosa kogumispunkti või ankaase keskkonnasõbraliku jäätmekäitluse. Patareid ja akud tohib ära anda vaid siis, kui nad on tühjaks saanud.

RU
НАЗНАЧЕНИЕ

Цифровой недельный таймер с функцией обратного отсчета, случайной функцией и автоматическим переключением между летним и зимним временем
Рис. 1: А для применения во внутренних помещениях В для применения на защищенной территории

БЕЗОПАСНОСТЬ

Не допускать к прибору детей.
Не использовать поврежденный прибор.
Не подключать к прибору, требующие надзора (например, тепловентиляторам).
Не подключать несколько таймеров последовательно.
Не нажимать кнопки электропроводящими предметами.

ЗАРЯДКА АККУМУЛЯТОРА

Встроенный аккумулятор сохраняет настройки без сети до 100 часов. После 100-часов сделайте следующее. Рис. 2: Зарядите аккумулятор, отключите таймер от сети и нажмите кнопку RESET тонким предметом, не проводящим ток.

УСТАНОВКА ВРЕМЕНИ

Начальная установка

Рис. 3а: Выберите летнее время (S) или зимнее
Рис. 3б: Выберите 12-часовой формат (PM/AM) или 24-часовой формат (нажмите и удерживайте 3 секунды кнопку 3s)

Установка времени

Нажимайте кнопку SET, пока не замигает нужная настройка.
Рис. 3в: Установить день недели
Рис. 3г: Установить часы
Рис. 3д: Установить минуты
Рис. 3е: Завершите настройку

ПРОГРАММИРОВАНИЕ ВРЕМЕНИ ВКЛЮЧЕНИЯ

Программа включения 1 (время включения)

Рис. 4а: Вызовите режим установки
Рис. 4б: Выберите день недели или комбинацию
Рис. 4в: Задайте часы включения
Рис. 4г: Задайте минуты включения

Программа включения 1 (время выключения)

Рис. Установите, как показано на рис. 4а4г
Программы включения 220
Установите, как показано на рис. 4а4г

Функция обратного отсчета (время включения/выключения)

dON: задать час включения, dOFF: наоборот
Рис. 4е: Установите, как показано на рис. 4а4д
Рис. 4ж: Завершите настройку

ПОДКЛЮЧЕНИЕ

Рис. 5. Оставьте пользователя включенным

ВЫБОР РЕЖИМА ЭКСПЛУАТАЦИИ

Рис. 6а: ON Пользователь постоянно
включен
AUTO Управление с помощью
таймера
OFF Пользователь постоянно
отключен
Функция обратного отсчета
Рис. 6б. Для включения и выключения нажмите кнопку C.D.
Случайная функция
Пользователь будет включаться и выключаться по принципу случайности.
Рис. 6в. Для включения и выключения нажмите кнопку RND.

ОБЩИЙ СБРОС

Рис. 7. Отключите таймер от сети и нажмите кнопку RESET тонким предметом, не проводящим ток.

Указание по утилизации WEEE (директива ЕС по лому электрических и электронных приборов)

Использованные электрические и электронные приборы в соответствии с европейскими предписаниями не разрешается выбрасывать с несортированным отходами. Символ мусорного контейнера на колесах указывает на необходимость раздельного сбора. Окажите помощь в защите окружающей среды и позаботьтесь о том, чтобы сдать прибор, если Вы им больше не пользуетесь, в предусмотренную для этой цели систему раздельного сбора. ДИРЕКТИВА 2012/19/EU ЕВРОПЕЙСКОГО ПАРЛАМЕНТА И СОВЕТА от 04 июля 2012 г. в отношении старых электрических и электронных приборов.

Батарейки и аккумуляторы нельзя выбрасывать вместе с бытовым мусором. Каждый потребитель обязан по закону сдавать все батарейки и аккумуляторы независимо от того, содержат ли они вредные вещества, в пункт сбора в своей общине/районе или в торговой сети, чтобы обеспечить их экологически безопасную утилизацию. Сдавайте батарейки и аккумуляторы только в разряженном состоянии!

HU

RENDELTETÉS

Digitális heti időkapcsoló visszaszámláló és véletlenszerű kapcsolófunkcióval.
1. ábra: A beltéri kivitelben történő alkalmazásra
B védett kültéri térben történő alkalmazásra

BIZTONSÁG

Gyermekek által nem használható! Sérült készüléket üzembe helyezni tilos! Felügyeletet igénylő készülékek (pl. hősugárzók) csatlakoztatása tilos! Több időzítős kapcsolókra sorba nem kapcsolható!
A gombokat nem szabad elektromosságot vezető tárgyakkal kezelni.

AKKUMULÁTOR TÖLTÉSE

A beépített akkumulátor hálózatkimaradás esetén 100 órán keresztül megőrzi a beállításokat. Hosszabb hálózat-megszakítást követően:
2. ábra: Az akkut feltölteni, az időzítő órát kihúzni a dugaszoló aljzatból, egy vékony, elektromosságot nem vezető tárggyal megnyomni a RESET gombot.

PONTOS IDŐ BEÁLLÍTÁSA

Alapbeállítás

3a. ábra: Nyári időszámítás (S) ill. téli
időszámítás kiválasztása
3b. ábra: 12 órás kijelzés (PM/AM) vagy 24
órás kijelzés választása (3s =
billentyű nyomása 3 másodpercig)

Időbeállítás

A „SET" billentyűt addig nyomjuk, míg a hozzátartozó beállítás villog.
3c. ábra: A hét napjának beállítása
3d. ábra: Óra beállítása
3e. ábra: Perc beállítása
3f. ábra: Befejezés

KAPCSOLÁSI IDŐK PROGRAMOZÁSA

Kapcsolási program 1 (bekapcsolás ideje)

4a. ábra: Beállítási üzemmód megjelenítése.
4b. ábra: A hét napja vagy kombináció választása.
4c. ábra: A bekapcsolás órájának beállítása.
4d. ábra: A bekapcsolás percének beállítása.

Kapcsolási program 1 (kikapcsolás ideje)

4e. ábra: A 4a. - 4d. ábrák szerinti beállításokat elvégezzük.

Kapcsolási programok 2 - 20

A 4a. - 4d. ábrák szerinti beállításokat elvégezzük.

Visszaszámlálási funkció (be-/kikapcsolási idő)

BE: A kikapcsolt óra bekapcsolása, OFF fordítva.
4f. ábra: Beállítás a 4a. - 4e. ábrák szerint.
4g. ábra: Befejezés

CSATLAKOZTATÁS

5. ábra: Fogyasztót hagyjuk bekapcsolva!

ÜZEMMÓDOK HASZNÁLATA

6a. ábra: BE Fogyasztó mindig BE
AUTO Kapcsolóóra-vezérlés
OFF Fogyasztó mindig KI

Visszaszámlálás funkció:

6b. ábra: Az indításhoz/befejezéshez a C.D.-billentyűt kell megnyomni.

Véletlenszerű funkció:

A fogyasztó be- / kikapcsolása a véletlen elve alapján történik.
6c. ábra: Az indításhoz/befejezéshez az RND- billentyűt kell megnyomni.

MINDENT TÖRÖL

7. ábra: Az időzítő órát kihúzzuk a dugaszoló aljzatból, egy vékony, elektromosságot nem vezető tárggyal megnyomjuk a RESET gombot.

WEEE megsemmisítési útmutatás

Az elhasznált elektromos és elektronikus készülékeket az európai előírások szerint már nem szabad az osztályozatlan hulladékhoz tenni. A kerekeken mozgó hulladéktartály szimbóluma a szelektív gyűjtés szükségességére utal.
Ön is segítse a környezetvédelmet és gondoskodjon arról, hogy ezeket a készülékeket, ha ezeket már nem használja, a szelektív gyűjtés erre tervezett rendszerébe tesze.
AZ EURÓPAI PARLAMENT ÉS A TANÁCS 2012. július 04-én kelt 2012/19/EU IRÁNYELVE a használt elektromos és elektronikus készülékekről.

Az elemeket és akkukat nem szabad a háztartási szemétbe dobni. Minden fogyasztó törvényi kötelezettsége, leadni minden elemet és akkut helyi önkormányzatának / városrészének gyűjtőhelyén – függetlenül attól, hogy tartalmaznak-e káros anyagokat, vagy nem - , hogy azokat a környezetet kímélő módon ártalmatlanítani lehessen.
Kérjük, hogy az elemeket és akkukat kizárólag lemerített állapotban adja le!

SE
ANVÄNDNINGSSYFTE

Digitalt veckotimer med nedräknings- och slumpfunktion.
Bild 1: A för användning inomhus
B för användning på skyddade platser utomhus

SÄKERHET

Ej avsedd för användning av barn!
Apparaten får inte användas om den är skadad!
Anslut inga apparater som kräver uppsikt (t.ex. värmefläktar)!
Koppla inte flera timer i serie!
Manövrera inte knapparna med elektriskt ledande föremål.

LADDA BATTERIET

Det inbyggda batteriet sparar inställningarna upp till 100 timmar om det inte finns någon nätanslutning. Efter längre bortkoppling från nätet:
Bild 2: Ladda batteriet, ta bort kopplingsuret från eluttaget, tryck RESET med ett tunt, ej elektriskt ledande föremål.

STÄLLA IN TIDEN

Grundinställning

Bild 3a: Välj sommartid (S) eller vintertid
Bild 3b: Välj 12-timmarsvisning (PM/AM) eller 24-timmarsvisning
(3s = tryck på knappen 3 sekunder)

Tidsinställning

Tryck på knappen "SET" tills tillhörande inställning blinkar.
Bild 3c: Ställ in veckodag
Bild 3d: Ställ in timme
Bild 3e: Ställ in minut
Bild 3f: Avsluta

PROGRAMMERA KOPPLINGSTIDER

Kopplingsprogram 1 (påkopplingstid)

Bild 4a: Aktivera inställningsläge.
Bild 4b: Välj veckodag eller kombination.
Bild 4c: Ställ in påkopplingstimme.
Bild 4d: Ställ in påkopplingsminut.

Kopplingsprogram 1 (frånkopplingstid)

Bild 4e: Ställ in såsom bild 4a till 4d.

Kopplingsprogram 2 till 20

Ställ in såsom 4a till 4d.

Nedräkningsfunktion (på-/frånkopplingstid)

dON: Påkoppling av den frånkopplade timern, dOFF omvänt.
Bild 4f: Ställ in såsom bild 4a till 4e.
Bild 4g: Avsluta

ANSLUTA

Bild 5: Lämna förbrukaren påkopplad!

ANVÄNDA DRIFTSÄTT

Bild 6a: ON Förbrukare alltid på
AUTO Timerstyrning
OFF Förbrukare alltid av

Nedräkningsfunktion

Bild 6b: Tryck på C.D.-knappen för att starta/avsluta.

Slumpfunktion

Förbrukaren kopplas på och av slumpmässigt.
Bild 6c: Tryck på RND-knappen för att starta/avsluta.

RADERA ALLT

Bild 7:
Ta bort kopplingsuret från eluttaget, tryck RESET med ett tunt, ej elektriskt ledande föremål.

WEEE-avfallshanteringsanvisningar

Begagnad elektrisk och elektronisk utrustning får enligt europeiska regler inte längre läggas bland osorterat avfall. Symbolen med avfallstunnan på hjul anger att produkten skall källsorteras. Hjälp till att skydda miljön genom lämna denna apparat till rätt avfallssystem inom när den inte längre används.
DET EUROPEISKA PARLAMENTETS OCH RÅDETS DIREKTIV från den 04 juli 2012 beträffande uttjänt elektrisk och elektronisk utrustning.

Batterier, engångs- eller uppladdningsbara batterier, får inte kastas tillsammans med hushållsavfallet. Varje konsument är, enligt lag, förpliktad att lämna samtliga batterier, oberoende om de innehåller skadliga ämnen eller inte, till sin kommuners/stadsdelens samlingsställen eller till handeln, så att en miljövänlig avfallshantering kan genomföras. Batterier får endast lämnas i urladdat skick!

GR
ΦΟΡΤΙΣΗ ΜΠΑΤΑΡΙΑΣ

Μέσω της ενσωματωμένης μπαταρίας οι ρυθμίσεις διατηρούνται έως και 100 ώρες σε περίπτωση απουσίας ηλεκτρικής τροφοδοσίας. Σε περίπτωση που η ηλεκτρική τροφοδοσία διακοπεί για μεγαλύτερο χρονικό διάστημα:
Εικ. 2: Φορτίστε την μπαταρία, αποσυνδέστε το χρονοδιακόπτη από την πρίζα, πατήστε RESET με ένα λεπτό, ηλεκτρικά μη αγώγιμο αντικείμενο.

ΡΥΘΜΙΣΗ ΩΡΑΣ

Βασική ρύθμιση
Εικ. 3a: Επιλογή θερινής ώρας (S) ή χειμερινής ώρας
Εικ. 3b: Επιλογή ένδειξης 12 ωρών (PM/AM) ή ένδειξης 24 ωρών
(3s = Πατήστε το πλήκτρο για 3 δευτερόλεπτα)
Ρύθμιση ώρας
Πατήστε το πλήκτρο "SET", έως ότου αρχίσει να αναβοσβήνει η αντίστοιχη ρύθμιση
Εικ. 3c: Ρύθμιση ημέρας της εβδομάδας
Εικ. 3d: Ρύθμιση ώρας
Εικ. 3e: Ρύθμιση λεπτού
Εικ. 3f: Τερματισμός

ΠΡΟΓΡΑΜΜΑΤΙΣΜΟΣ ΧΡΟΝΩΝ ΛΕΙΤΟΥΡΓΙΑΣ

Πρόγραμμα λειτουργίας 1 (ώρα ενεργοποίησης)
Εικ. 4a: Προβολή κατάστασης ρύθμισης.
Εικ. 4b: Επιλογή ημέρας της εβδομάδας ή συνδυασμού.
Εικ. 4c: Ρύθμιση ώρας ενεργοποίησης.
Εικ. 4d: Ρύθμιση λεπτού ενεργοποίησης.
Πρόγραμμα λειτουργίας 1 (ώρα απενεργοποίησης)
Εικ. 4e: Ρύθμιση παρόμοια με τις εικ. 4a έως 4d.
Προγράμματα λειτουργίας 2 έως 20
Ρύθμιση παρόμοια με τις εικ. 4a έως 4d.
Λειτουργία αντίστροφης μέτρησης (ώρα ενεργοποίησης/απενεργοποίησης)
dON: Ενεργοποίηση του απενεργοποιημένου ρολογιού, dOFF αντίστροφα.
Εικ. 4f: Ρύθμιση παρόμοια με τις εικ. 4a έως 4e.
Εικ. 4g: Τερματισμός

ΣΥΝΔΕΣΗ

Εικ. 5: Αφήστε τον καταναλωτή ενεργοποιημένο!

ΧΡΗΣΗ ΤΩΝ ΤΡΟΠΩΝ ΛΕΙΤΟΥΡΓΙΑΣ

Εικ. 6a: ON Καταναλωτής μονίμως ενεργοποιημένος
AUTO Λειτουργία με χρονοδιακόπτη
OFF Καταναλωτής μονίμως απενεργοποιημένος
Λειτουργία αντίστροφης μέτρησης
Εικ. 6b: Για την έναρξη/τον τερματισμό πατήστε το πλήκτρο C.D.. Λειτουργία τυχαίας ενεργοποίησης
Ο καταναλωτής ενεργοποιείται/απενεργοποιείται τυχαία.
Εικ. 6c: Για την έναρξη/τον τερματισμό πατήστε το πλήκτρο RND.

ΔΙΑΓΡΑΦΗ ΟΛΩΝ

Εικ. 7: Αποσυνδέστε το χρονοδιακόπτη από την πρίζα πατήστε
RESET με ένα λεπτό, ηλεκτρικά μη αγώγιμο αντικείμενο.

Ένδειξη Διάθεσης WEEE

Σύμφωνα με τις ευρωπαϊκές προδιαγραφές, απαγορεύεται η ρίψη αποβλήτων ηλεκτρολογικού και ηλεκτρονικού εξοπλισμού στα σκουπίδια. Το σύμβολο του κάδου πάνω σε ρόδες υποδεικνύει την ανάγκη της ξεχωριστής συλλογής. Συνδράμετε και εσείς στην προστασία του περιβάλλοντος και διαθέστε αυτή τη συσκευή στο προβλεπόμενο σύστημα διάθεσης απορριμμάτων, όταν δεν την χρησιμοποιείτε πλέον. ΟΔΗΓΙΑ 2012/19/EU ΤΟΥ ΕΥΡΩΠΑΪΚΟΥ ΣΥΜΒΟΥΛΙΟΥ, από της 04 Ιουλίου 2012 για τα απόβλητα ηλεκτρικού και ηλεκτρονικού εξοπλισμού.

Μπαταρίες και επαναφορτιζόμενες μπαταρίες δεν ανήκουν στα οικιακά απορρίμματα. Κάθε καταναλωτής υποχρεούται νομικά, να παραδίδει όλες τις μπαταρίες, επαναφορτιζόμενες και μη, ανεξάρτητα αν περιέχουν ή όχι βλαβερές ουσίες, σε Κέντρο συλλογής της κοινότητας του / της συνοικίας του ή στο εμπόριο, ώστε να μπορούν να αποσυρθούν σε φιλικό για το περιβάλλον σύστημα. Παρακαλούμε να παραδίδετε τις επαναφορτιζόμενες και μη μπαταρίες μόνο σε εκφορτισμένη κατάσταση!
